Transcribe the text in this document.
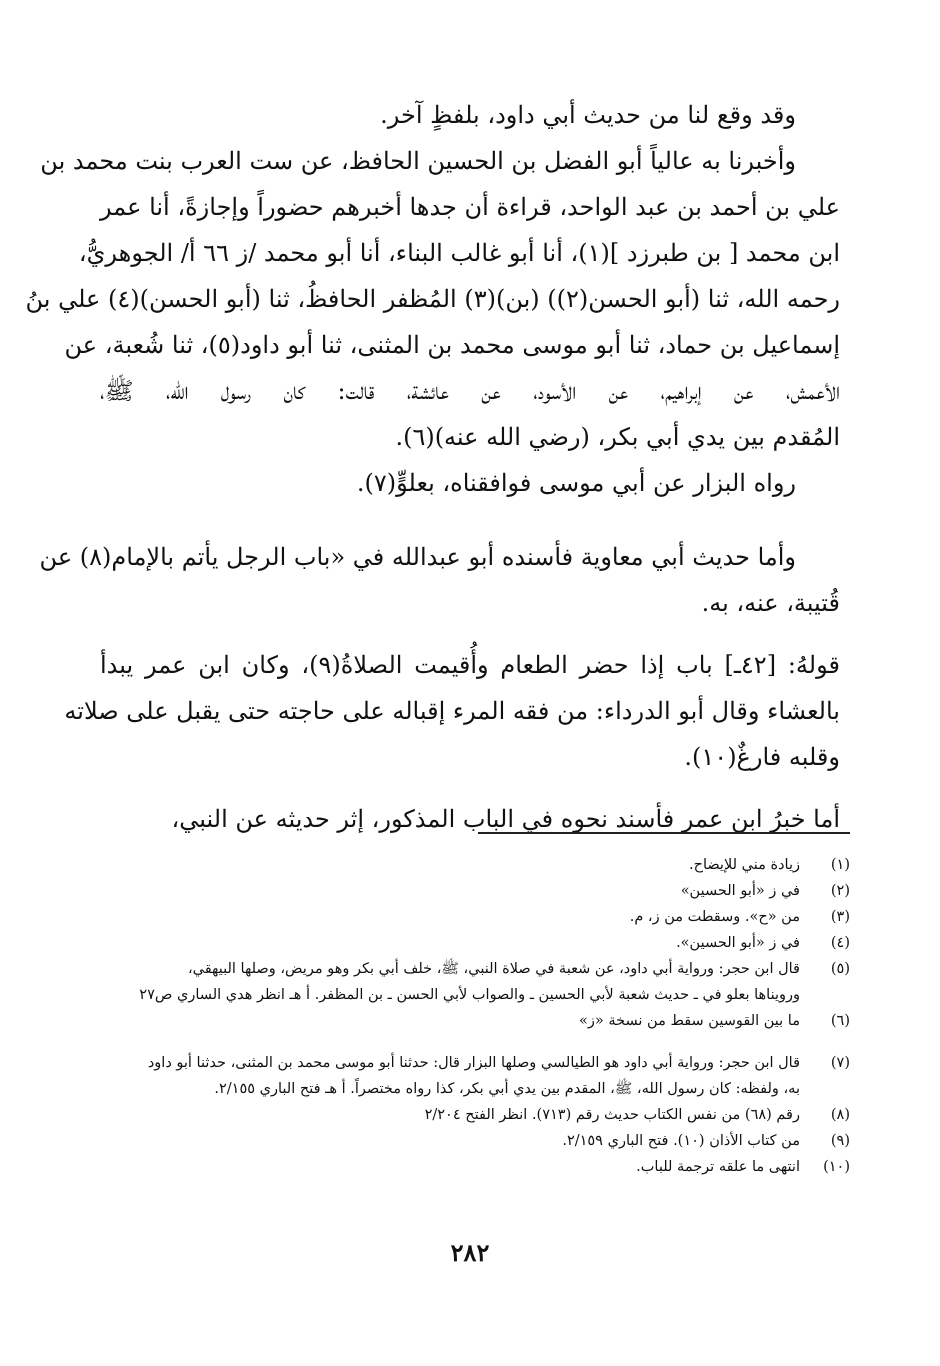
وقد وقع لنا من حديث أبي داود، بلفظٍ آخر.
وأخبرنا به عالياً أبو الفضل بن الحسين الحافظ، عن ست العرب بنت محمد بن
علي بن أحمد بن عبد الواحد، قراءة أن جدها أخبرهم حضوراً وإجازةً، أنا عمر
ابن محمد [ بن طبرزد ](١)، أنا أبو غالب البناء، أنا أبو محمد /ز ٦٦ أ/ الجوهريُّ،
رحمه الله، ثنا (أبو الحسن(٢)) (بن)(٣) المُظفر الحافظُ، ثنا (أبو الحسن)(٤) علي بنُ
إسماعيل بن حماد، ثنا أبو موسى محمد بن المثنى، ثنا أبو داود(٥)، ثنا شُعبة، عن
الأعمش، عن إبراهيم، عن الأسود، عن عائشة، قالت: كان رسول الله، ﷺ،
المُقدم بين يدي أبي بكر، (رضي الله عنه)(٦).
رواه البزار عن أبي موسى فوافقناه، بعلوٍّ(٧).
وأما حديث أبي معاوية فأسنده أبو عبدالله في «باب الرجل يأتم بالإمام(٨) عن
قُتيبة، عنه، به.
قولهُ: [٤٢ـ] باب إذا حضر الطعام وأُقيمت الصلاةُ(٩)، وكان ابن عمر يبدأ
بالعشاء وقال أبو الدرداء: من فقه المرء إقباله على حاجته حتى يقبل على صلاته
وقلبه فارغٌ(١٠).
أما خبرُ ابن عمر فأسند نحوه في الباب المذكور، إثر حديثه عن النبي،
(١)
زيادة مني للإيضاح.
(٢)
في ز «أبو الحسين»
(٣)
من «ح». وسقطت من ز، م.
(٤)
في ز «أبو الحسين».
(٥)
قال ابن حجر: ورواية أبي داود، عن شعبة في صلاة النبي، ﷺ، خلف أبي بكر وهو مريض، وصلها البيهقي،
ورويناها بعلو في ـ حديث شعبة لأبي الحسين ـ والصواب لأبي الحسن ـ بن المظفر. أ هـ انظر هدي الساري ص٢٧
(٦)
ما بين القوسين سقط من نسخة «ز»
(٧)
قال ابن حجر: ورواية أبي داود هو الطيالسي وصلها البزار قال: حدثنا أبو موسى محمد بن المثنى، حدثنا أبو داود
به، ولفظه: كان رسول الله، ﷺ، المقدم بين يدي أبي بكر، كذا رواه مختصراً. أ هـ فتح الباري ٢/١٥٥.
(٨)
رقم (٦٨) من نفس الكتاب حديث رقم (٧١٣). انظر الفتح ٢/٢٠٤
(٩)
من كتاب الأذان (١٠). فتح الباري ٢/١٥٩.
(١٠)
انتهى ما علقه ترجمة للباب.
٢٨٢
